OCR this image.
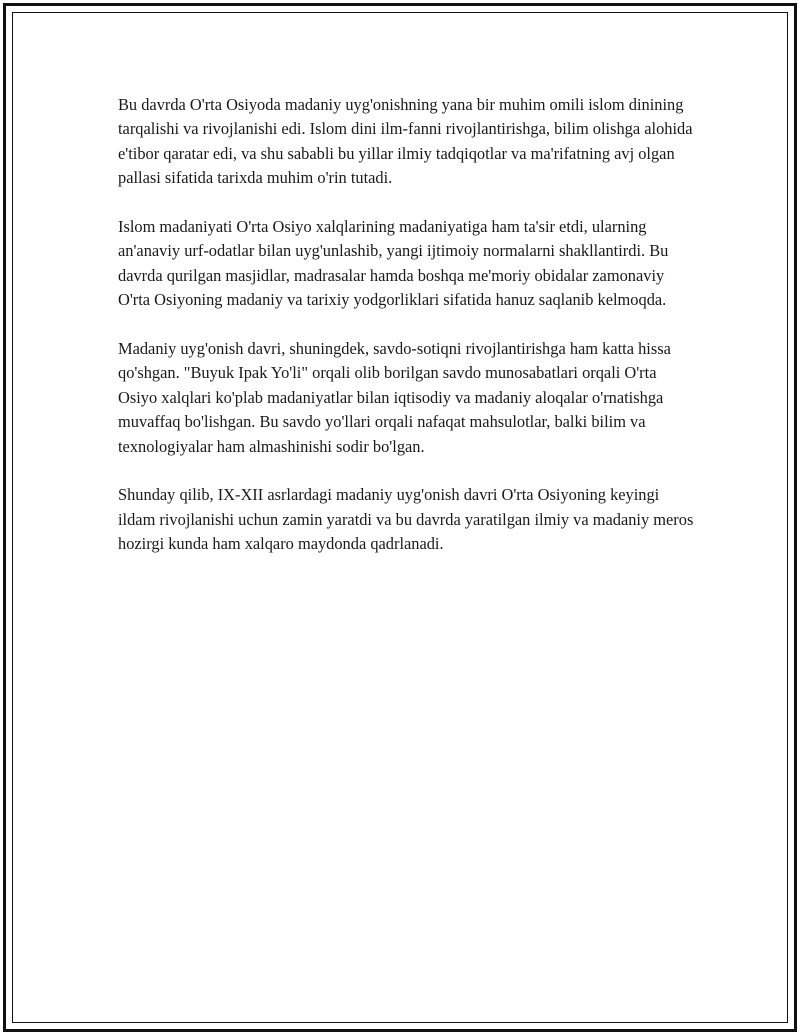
Bu davrda O'rta Osiyoda madaniy uyg'onishning yana bir muhim omili islom dinining tarqalishi va rivojlanishi edi. Islom dini ilm-fanni rivojlantirishga, bilim olishga alohida e'tibor qaratar edi, va shu sababli bu yillar ilmiy tadqiqotlar va ma'rifatning avj olgan pallasi sifatida tarixda muhim o'rin tutadi.

Islom madaniyati O'rta Osiyo xalqlarining madaniyatiga ham ta'sir etdi, ularning an'anaviy urf-odatlar bilan uyg'unlashib, yangi ijtimoiy normalarni shakllantirdi. Bu davrda qurilgan masjidlar, madrasalar hamda boshqa me'moriy obidalar zamonaviy O'rta Osiyoning madaniy va tarixiy yodgorliklari sifatida hanuz saqlanib kelmoqda.

Madaniy uyg'onish davri, shuningdek, savdo-sotiqni rivojlantirishga ham katta hissa qo'shgan. "Buyuk Ipak Yo'li" orqali olib borilgan savdo munosabatlari orqali O'rta Osiyo xalqlari ko'plab madaniyatlar bilan iqtisodiy va madaniy aloqalar o'rnatishga muvaffaq bo'lishgan. Bu savdo yo'llari orqali nafaqat mahsulotlar, balki bilim va texnologiyalar ham almashinishi sodir bo'lgan.

Shunday qilib, IX-XII asrlardagi madaniy uyg'onish davri O'rta Osiyoning keyingi ildam rivojlanishi uchun zamin yaratdi va bu davrda yaratilgan ilmiy va madaniy meros hozirgi kunda ham xalqaro maydonda qadrlanadi.
